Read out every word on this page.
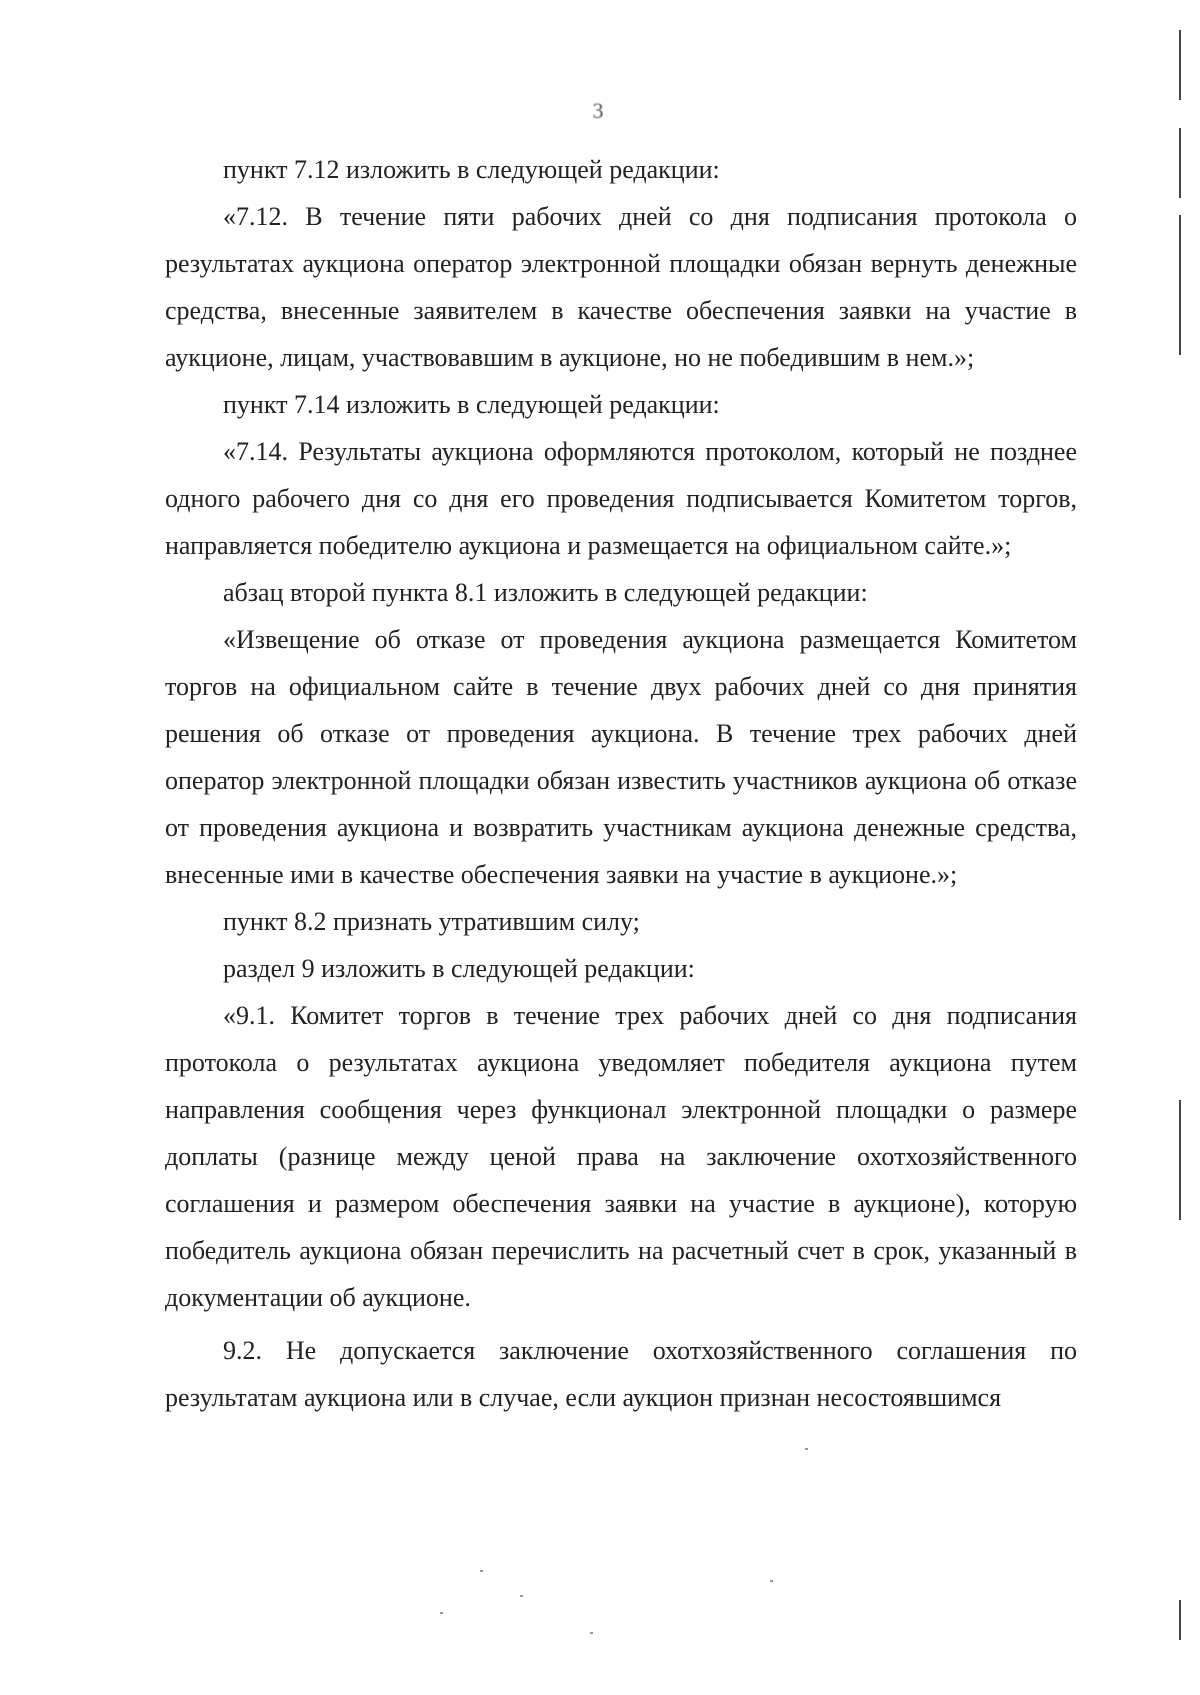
3

пункт 7.12 изложить в следующей редакции:

«7.12. В течение пяти рабочих дней со дня подписания протокола о результатах аукциона оператор электронной площадки обязан вернуть денежные средства, внесенные заявителем в качестве обеспечения заявки на участие в аукционе, лицам, участвовавшим в аукционе, но не победившим в нем.»;

пункт 7.14 изложить в следующей редакции:

«7.14. Результаты аукциона оформляются протоколом, который не позднее одного рабочего дня со дня его проведения подписывается Комитетом торгов, направляется победителю аукциона и размещается на официальном сайте.»;

абзац второй пункта 8.1 изложить в следующей редакции:

«Извещение об отказе от проведения аукциона размещается Комитетом торгов на официальном сайте в течение двух рабочих дней со дня принятия решения об отказе от проведения аукциона. В течение трех рабочих дней оператор электронной площадки обязан известить участников аукциона об отказе от проведения аукциона и возвратить участникам аукциона денежные средства, внесенные ими в качестве обеспечения заявки на участие в аукционе.»;

пункт 8.2 признать утратившим силу;

раздел 9 изложить в следующей редакции:

«9.1. Комитет торгов в течение трех рабочих дней со дня подписания протокола о результатах аукциона уведомляет победителя аукциона путем направления сообщения через функционал электронной площадки о размере доплаты (разнице между ценой права на заключение охотхозяйственного соглашения и размером обеспечения заявки на участие в аукционе), которую победитель аукциона обязан перечислить на расчетный счет в срок, указанный в документации об аукционе.

9.2. Не допускается заключение охотхозяйственного соглашения по результатам аукциона или в случае, если аукцион признан несостоявшимся
